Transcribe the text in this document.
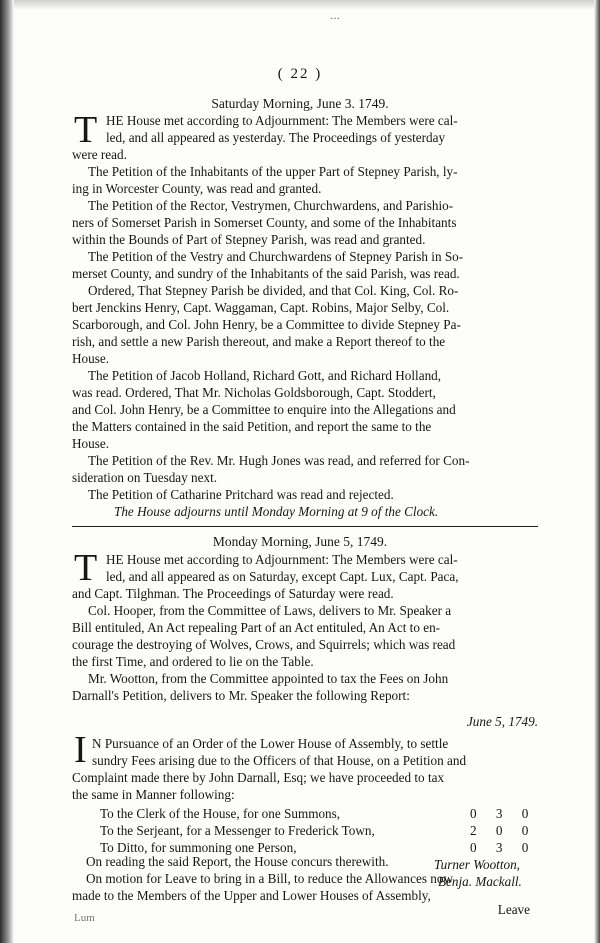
···
( 22 )
Saturday Morning, June 3. 1749.
T HE House met according to Adjournment: The Members were cal-
led, and all appeared as yesterday. The Proceedings of yesterday
were read.
The Petition of the Inhabitants of the upper Part of Stepney Parish, ly-
ing in Worcester County, was read and granted.
The Petition of the Rector, Vestrymen, Churchwardens, and Parishio-
ners of Somerset Parish in Somerset County, and some of the Inhabitants
within the Bounds of Part of Stepney Parish, was read and granted.
The Petition of the Vestry and Churchwardens of Stepney Parish in So-
merset County, and sundry of the Inhabitants of the said Parish, was read.
Ordered, That Stepney Parish be divided, and that Col. King, Col. Ro-
bert Jenckins Henry, Capt. Waggaman, Capt. Robins, Major Selby, Col.
Scarborough, and Col. John Henry, be a Committee to divide Stepney Pa-
rish, and settle a new Parish thereout, and make a Report thereof to the
House.
The Petition of Jacob Holland, Richard Gott, and Richard Holland,
was read. Ordered, That Mr. Nicholas Goldsborough, Capt. Stoddert,
and Col. John Henry, be a Committee to enquire into the Allegations and
the Matters contained in the said Petition, and report the same to the
House.
The Petition of the Rev. Mr. Hugh Jones was read, and referred for Con-
sideration on Tuesday next.
The Petition of Catharine Pritchard was read and rejected.
The House adjourns until Monday Morning at 9 of the Clock.
Monday Morning, June 5, 1749.
T HE House met according to Adjournment: The Members were cal-
led, and all appeared as on Saturday, except Capt. Lux, Capt. Paca,
and Capt. Tilghman. The Proceedings of Saturday were read.
Col. Hooper, from the Committee of Laws, delivers to Mr. Speaker a
Bill entituled, An Act repealing Part of an Act entituled, An Act to en-
courage the destroying of Wolves, Crows, and Squirrels; which was read
the first Time, and ordered to lie on the Table.
Mr. Wootton, from the Committee appointed to tax the Fees on John
Darnall's Petition, delivers to Mr. Speaker the following Report:
June 5, 1749.
I N Pursuance of an Order of the Lower House of Assembly, to settle
sundry Fees arising due to the Officers of that House, on a Petition and
Complaint made there by John Darnall, Esq; we have proceeded to tax
the same in Manner following:
To the Clerk of the House, for one Summons,	0 3 0
To the Serjeant, for a Messenger to Frederick Town,	2 0 0
To Ditto, for summoning one Person,	0 3 0
Turner Wootton,
Benja. Mackall.
On reading the said Report, the House concurs therewith.
On motion for Leave to bring in a Bill, to reduce the Allowances now
made to the Members of the Upper and Lower Houses of Assembly,
Leave
Lum
